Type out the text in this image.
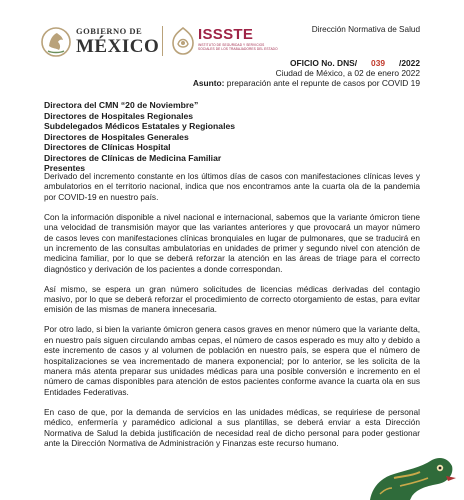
GOBIERNO DE
MÉXICO
ISSSTE
INSTITUTO DE SEGURIDAD Y SERVICIOS SOCIALES DE LOS TRABAJADORES DEL ESTADO
Dirección Normativa de Salud
OFICIO No. DNS/ 039 /2022
Ciudad de México, a 02 de enero 2022
Asunto: preparación ante el repunte de casos por COVID 19
Directora del CMN “20 de Noviembre”
Directores de Hospitales Regionales
Subdelegados Médicos Estatales y Regionales
Directores de Hospitales Generales
Directores de Clínicas Hospital
Directores de Clínicas de Medicina Familiar
Presentes

Derivado del incremento constante en los últimos días de casos con manifestaciones clínicas leves y ambulatorios en el territorio nacional, indica que nos encontramos ante la cuarta ola de la pandemia por COVID-19 en nuestro país.

Con la información disponible a nivel nacional e internacional, sabemos que la variante ómicron tiene una velocidad de transmisión mayor que las variantes anteriores y que provocará un mayor número de casos leves con manifestaciones clínicas bronquiales en lugar de pulmonares, que se traducirá en un incremento de las consultas ambulatorias en unidades de primer y segundo nivel con atención de medicina familiar, por lo que se deberá reforzar la atención en las áreas de triage para el correcto diagnóstico y derivación de los pacientes a donde correspondan.

Así mismo, se espera un gran número solicitudes de licencias médicas derivadas del contagio masivo, por lo que se deberá reforzar el procedimiento de correcto otorgamiento de estas, para evitar emisión de las mismas de manera innecesaria.

Por otro lado, si bien la variante ómicron genera casos graves en menor número que la variante delta, en nuestro país siguen circulando ambas cepas, el número de casos esperado es muy alto y debido a este incremento de casos y al volumen de población en nuestro país, se espera que el número de hospitalizaciones se vea incrementado de manera exponencial; por lo anterior, se les solicita de la manera más atenta preparar sus unidades médicas para una posible conversión e incremento en el número de camas disponibles para atención de estos pacientes conforme avance la cuarta ola en sus Entidades Federativas.

En caso de que, por la demanda de servicios en las unidades médicas, se requiriese de personal médico, enfermería y paramédico adicional a sus plantillas, se deberá enviar a esta Dirección Normativa de Salud la debida justificación de necesidad real de dicho personal para poder gestionar ante la Dirección Normativa de Administración y Finanzas este recurso humano.
